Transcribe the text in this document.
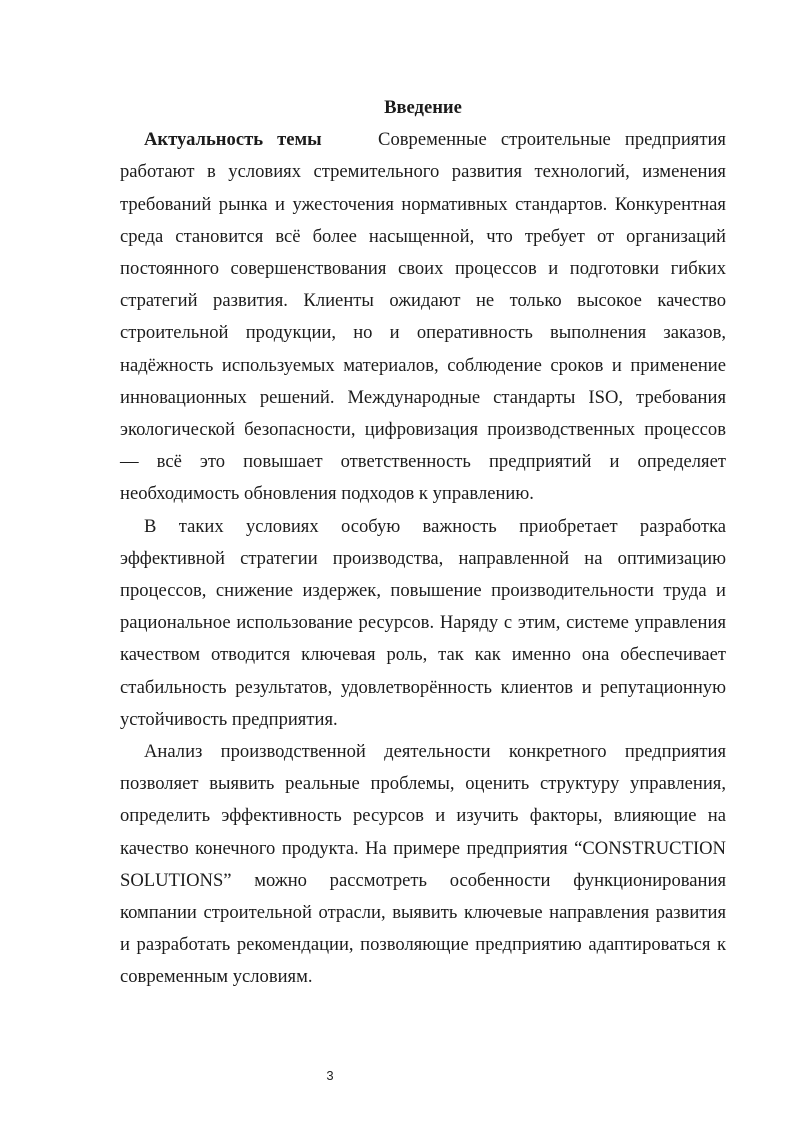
Введение

Актуальность темы	Современные строительные предприятия работают в условиях стремительного развития технологий, изменения требований рынка и ужесточения нормативных стандартов. Конкурентная среда становится всё более насыщенной, что требует от организаций постоянного совершенствования своих процессов и подготовки гибких стратегий развития. Клиенты ожидают не только высокое качество строительной продукции, но и оперативность выполнения заказов, надёжность используемых материалов, соблюдение сроков и применение инновационных решений. Международные стандарты ISO, требования экологической безопасности, цифровизация производственных процессов — всё это повышает ответственность предприятий и определяет необходимость обновления подходов к управлению.

В таких условиях особую важность приобретает разработка эффективной стратегии производства, направленной на оптимизацию процессов, снижение издержек, повышение производительности труда и рациональное использование ресурсов. Наряду с этим, системе управления качеством отводится ключевая роль, так как именно она обеспечивает стабильность результатов, удовлетворённость клиентов и репутационную устойчивость предприятия.

Анализ производственной деятельности конкретного предприятия позволяет выявить реальные проблемы, оценить структуру управления, определить эффективность ресурсов и изучить факторы, влияющие на качество конечного продукта. На примере предприятия “CONSTRUCTION SOLUTIONS” можно рассмотреть особенности функционирования компании строительной отрасли, выявить ключевые направления развития и разработать рекомендации, позволяющие предприятию адаптироваться к современным условиям.

3
